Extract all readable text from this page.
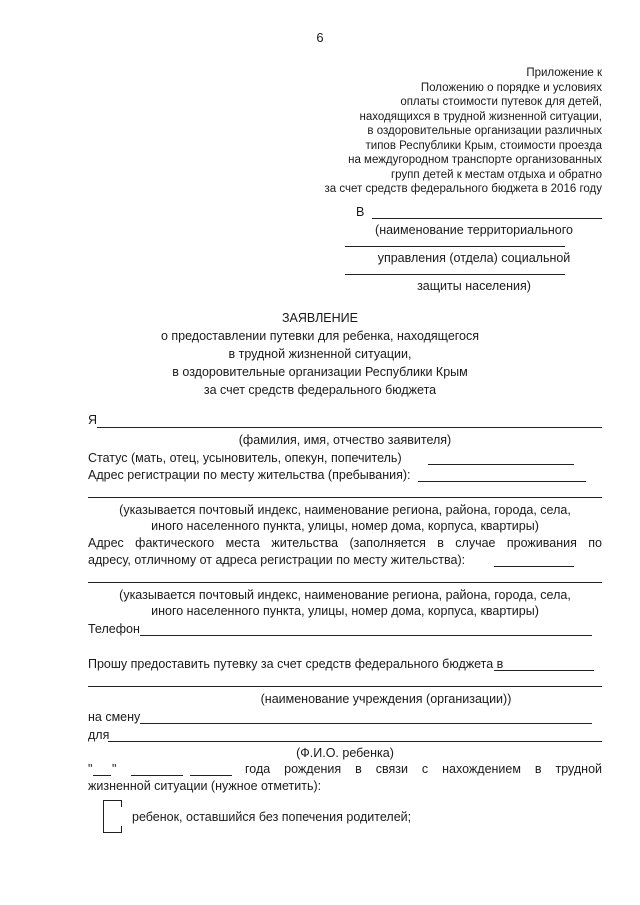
6
Приложение к
Положению о порядке и условиях
оплаты стоимости путевок для детей,
находящихся в трудной жизненной ситуации,
в оздоровительные организации различных
типов Республики Крым, стоимости проезда
на междугородном транспорте организованных
групп детей к местам отдыха и обратно
за счет средств федерального бюджета в 2016 году
В
(наименование территориального
управления (отдела) социальной
защиты населения)
ЗАЯВЛЕНИЕ
о предоставлении путевки для ребенка, находящегося
в трудной жизненной ситуации,
в оздоровительные организации Республики Крым
за счет средств федерального бюджета
Я
(фамилия, имя, отчество заявителя)
Статус (мать, отец, усыновитель, опекун, попечитель)
Адрес регистрации по месту жительства (пребывания):
(указывается почтовый индекс, наименование региона, района, города, села,
иного населенного пункта, улицы, номер дома, корпуса, квартиры)
Адрес фактического места жительства (заполняется в случае проживания по
адресу, отличному от адреса регистрации по месту жительства):
(указывается почтовый индекс, наименование региона, района, города, села,
иного населенного пункта, улицы, номер дома, корпуса, квартиры)
Телефон
Прошу предоставить путевку за счет средств федерального бюджета в
(наименование учреждения (организации))
на смену
для
(Ф.И.О. ребенка)
" "	года рождения в связи с нахождением в трудной
жизненной ситуации (нужное отметить):
ребенок, оставшийся без попечения родителей;
